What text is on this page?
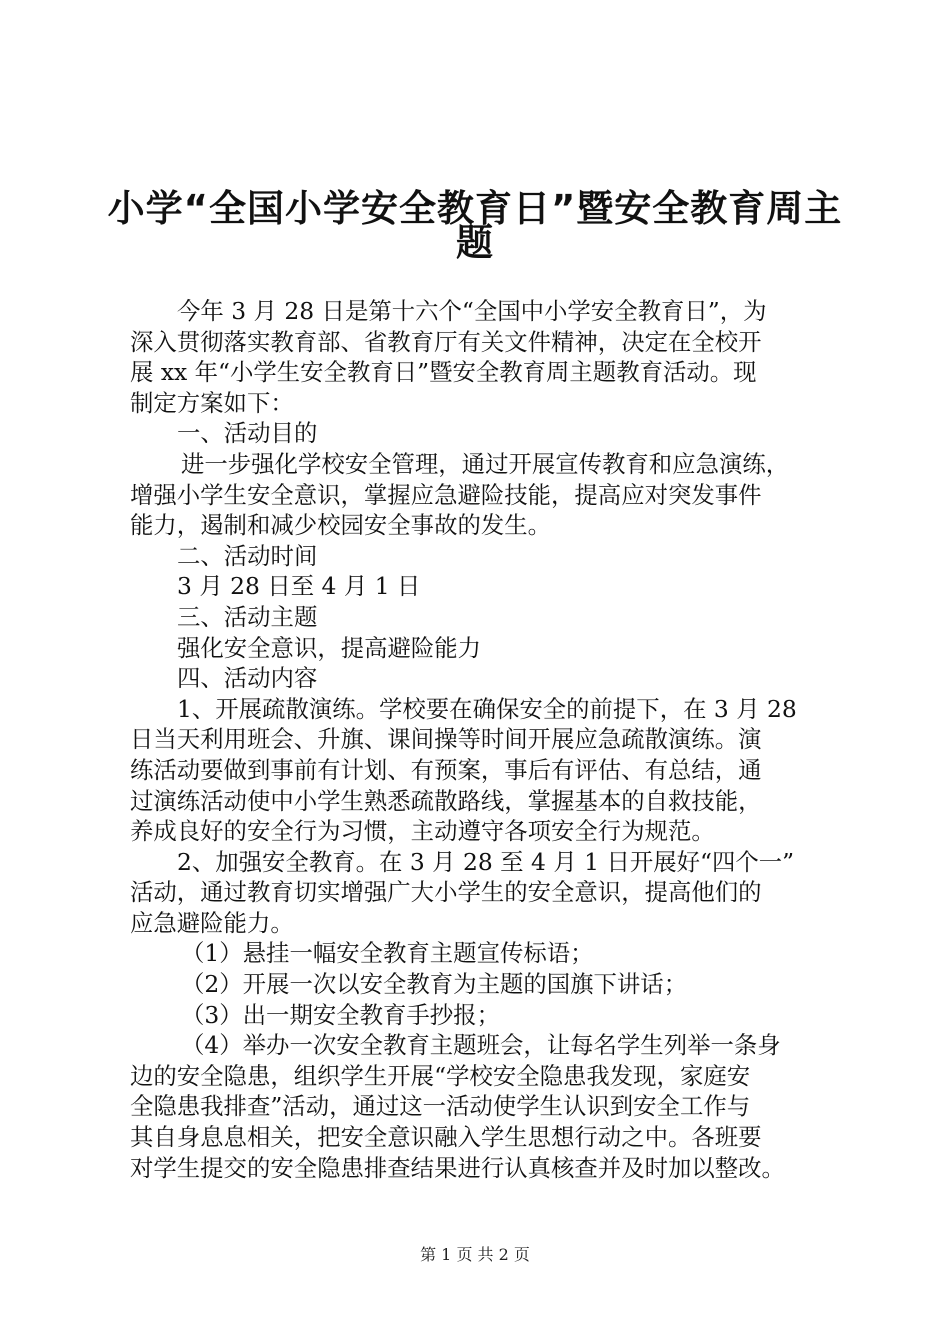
小学“全国小学安全教育日”暨安全教育周主
题
今年 3 月 28 日是第十六个“全国中小学安全教育日”，为
深入贯彻落实教育部、省教育厅有关文件精神，决定在全校开
展 xx 年“小学生安全教育日”暨安全教育周主题教育活动。现
制定方案如下：
一、活动目的
进一步强化学校安全管理，通过开展宣传教育和应急演练，
增强小学生安全意识，掌握应急避险技能，提高应对突发事件
能力，遏制和减少校园安全事故的发生。
二、活动时间
3 月 28 日至 4 月 1 日
三、活动主题
强化安全意识，提高避险能力
四、活动内容
1、开展疏散演练。学校要在确保安全的前提下，在 3 月 28
日当天利用班会、升旗、课间操等时间开展应急疏散演练。演
练活动要做到事前有计划、有预案，事后有评估、有总结，通
过演练活动使中小学生熟悉疏散路线，掌握基本的自救技能，
养成良好的安全行为习惯，主动遵守各项安全行为规范。
2、加强安全教育。在 3 月 28 至 4 月 1 日开展好“四个一”
活动，通过教育切实增强广大小学生的安全意识，提高他们的
应急避险能力。
（1）悬挂一幅安全教育主题宣传标语；
（2）开展一次以安全教育为主题的国旗下讲话；
（3）出一期安全教育手抄报；
（4）举办一次安全教育主题班会，让每名学生列举一条身
边的安全隐患，组织学生开展“学校安全隐患我发现，家庭安
全隐患我排查”活动，通过这一活动使学生认识到安全工作与
其自身息息相关，把安全意识融入学生思想行动之中。各班要
对学生提交的安全隐患排查结果进行认真核查并及时加以整改。
第 1 页 共 2 页
